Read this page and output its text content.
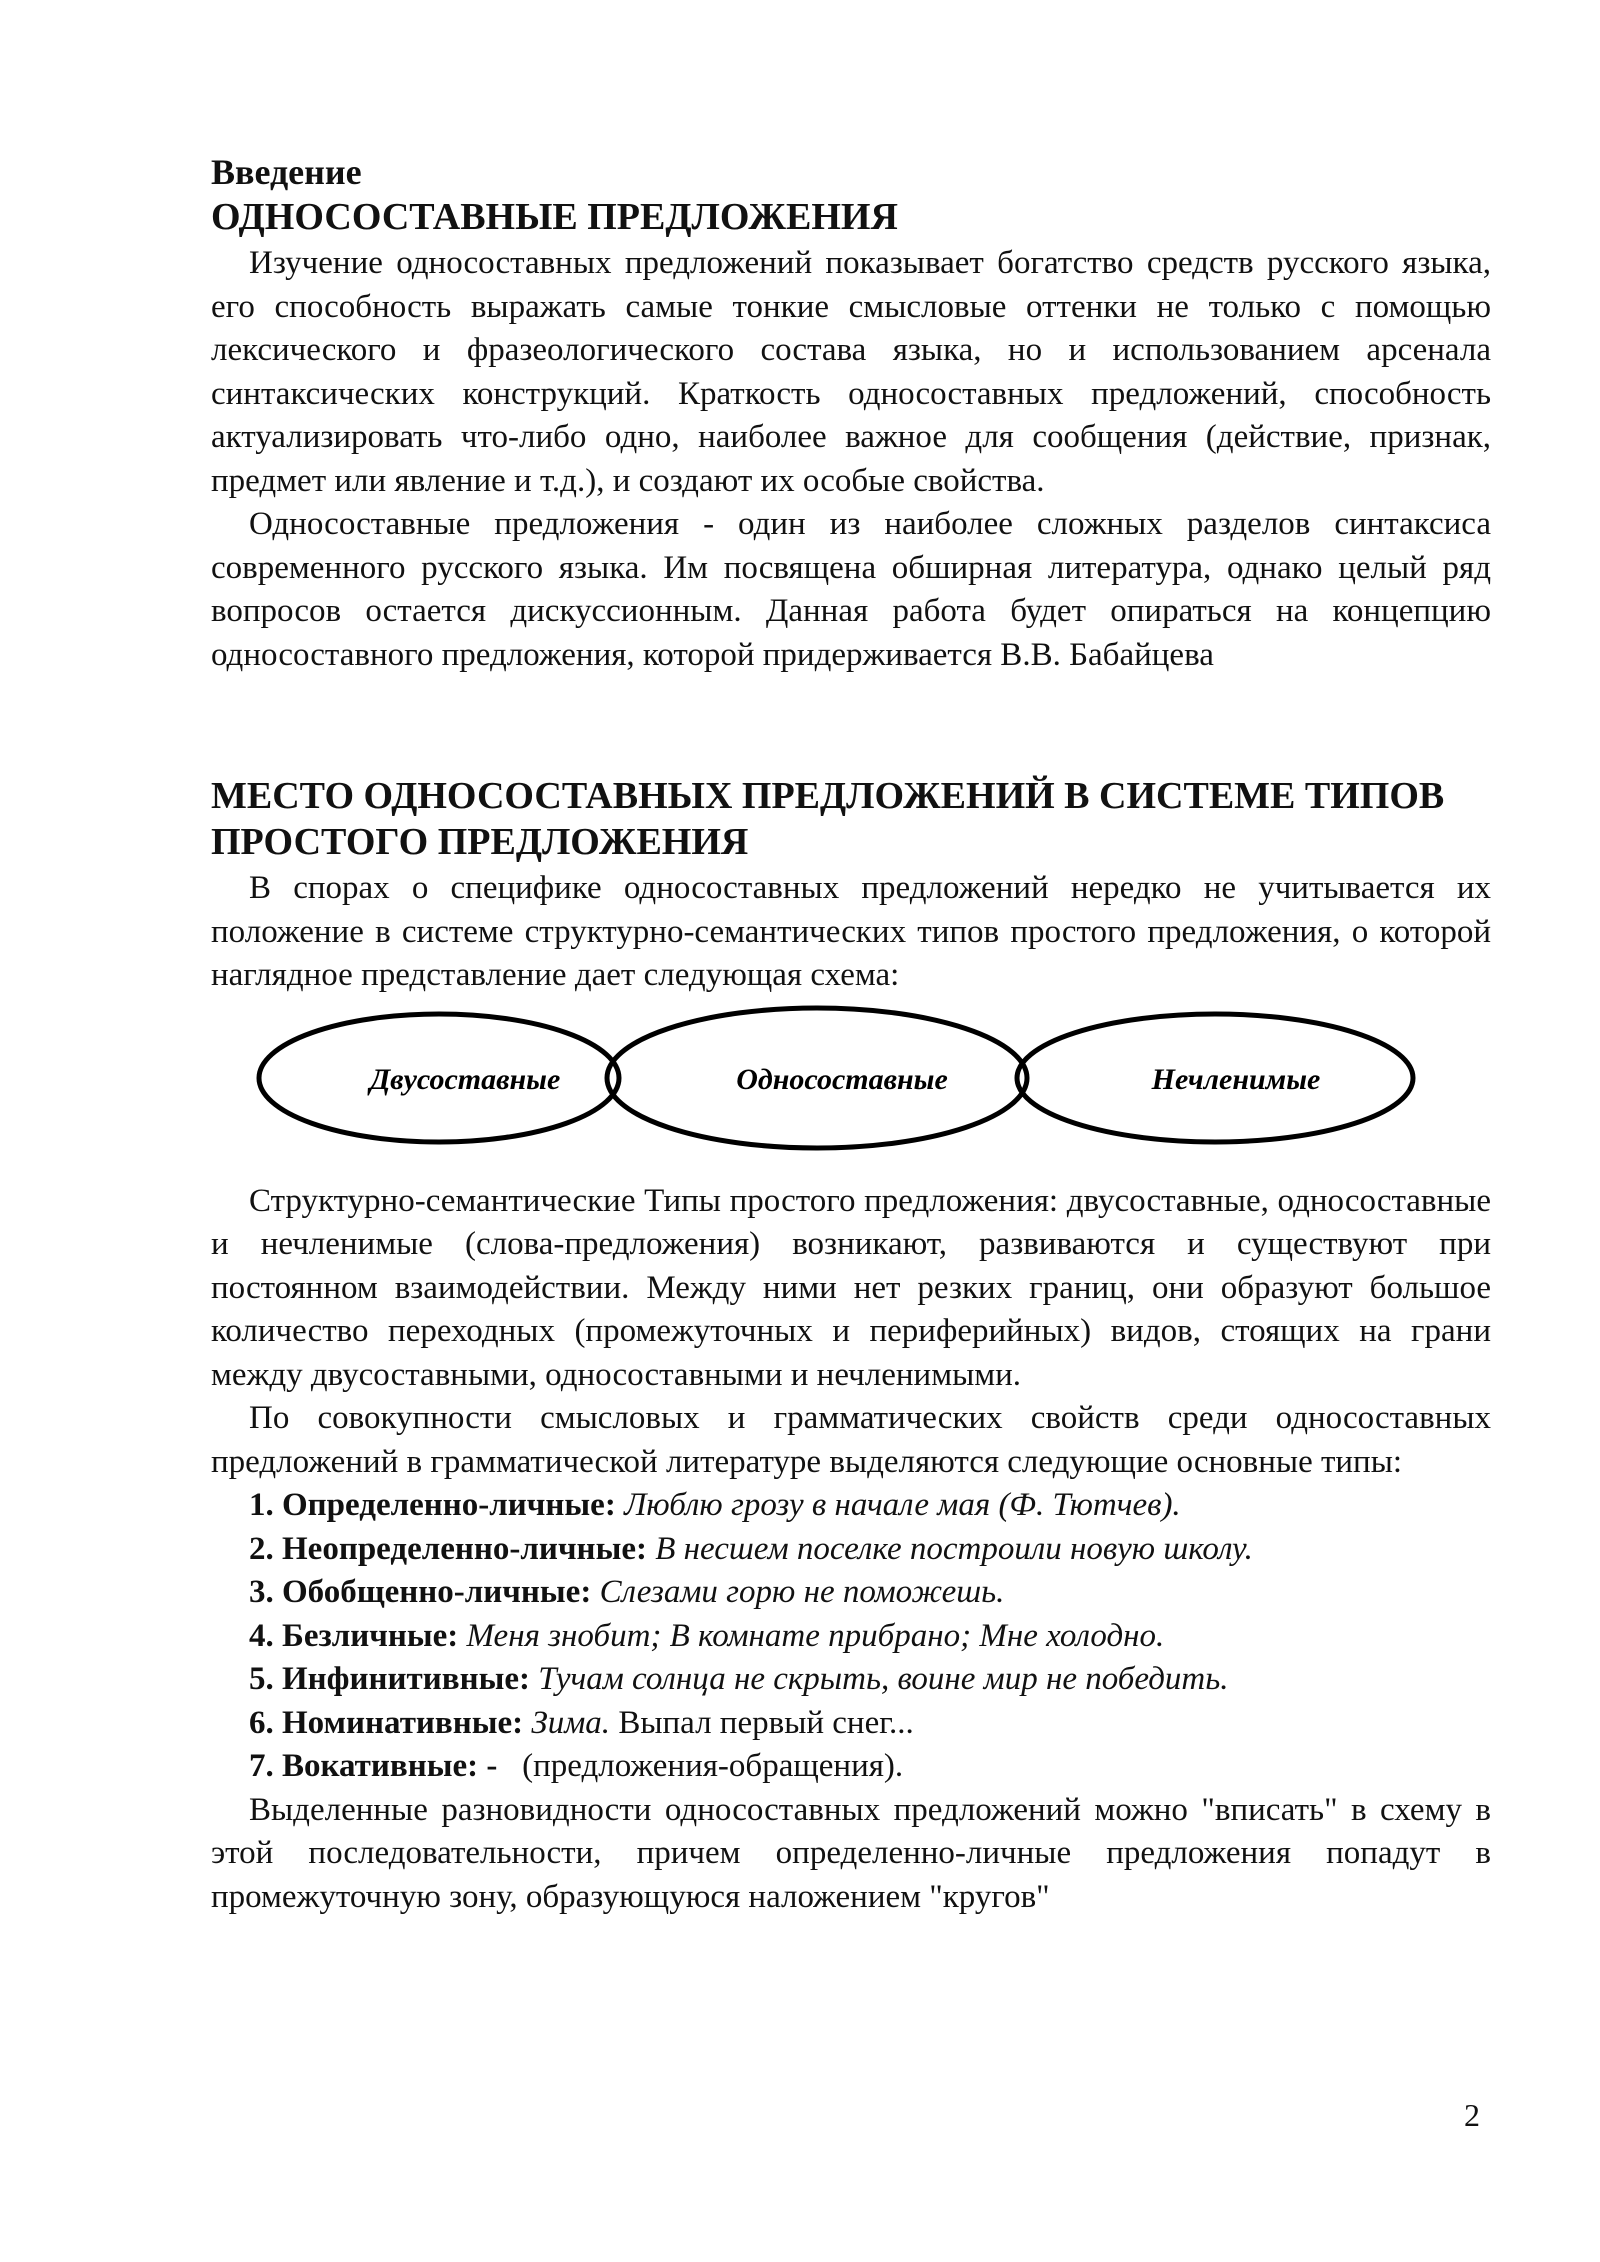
Введение
ОДНОСОСТАВНЫЕ ПРЕДЛОЖЕНИЯ

Изучение односоставных предложений показывает богатство средств русского языка, его способность выражать самые тонкие смысловые оттенки не только с помощью лексического и фразеологического состава языка, но и использованием арсенала синтаксических конструкций. Краткость односоставных предложений, способность актуализировать что-либо одно, наиболее важное для сообщения (действие, признак, предмет или явление и т.д.), и создают их особые свойства.

Односоставные предложения - один из наиболее сложных разделов синтаксиса современного русского языка. Им посвящена обширная литература, однако целый ряд вопросов остается дискуссионным. Данная работа будет опираться на концепцию односоставного предложения, которой придерживается В.В. Бабайцева

МЕСТО ОДНОСОСТАВНЫХ ПРЕДЛОЖЕНИЙ В СИСТЕМЕ ТИПОВ ПРОСТОГО ПРЕДЛОЖЕНИЯ

В спорах о специфике односоставных предложений нередко не учитывается их положение в системе структурно-семантических типов простого предложения, о которой наглядное представление дает следующая схема:

Двусоставные	Односоставные	Нечленимые

Структурно-семантические Типы простого предложения: двусоставные, односоставные и нечленимые (слова-предложения) возникают, развиваются и существуют при постоянном взаимодействии. Между ними нет резких границ, они образуют большое количество переходных (промежуточных и периферийных) видов, стоящих на грани между двусоставными, односоставными и нечленимыми.

По совокупности смысловых и грамматических свойств среди односоставных предложений в грамматической литературе выделяются следующие основные типы:

1. Определенно-личные: Люблю грозу в начале мая (Ф. Тютчев).
2. Неопределенно-личные: В несшем поселке построили новую школу.
3. Обобщенно-личные: Слезами горю не поможешь.
4. Безличные: Меня знобит; В комнате прибрано; Мне холодно.
5. Инфинитивные: Тучам солнца не скрыть, воине мир не победить.
6. Номинативные: Зима. Выпал первый снег...
7. Вокативные: - (предложения-обращения).

Выделенные разновидности односоставных предложений можно "вписать" в схему в этой последовательности, причем определенно-личные предложения попадут в промежуточную зону, образующуюся наложением "кругов"

2
